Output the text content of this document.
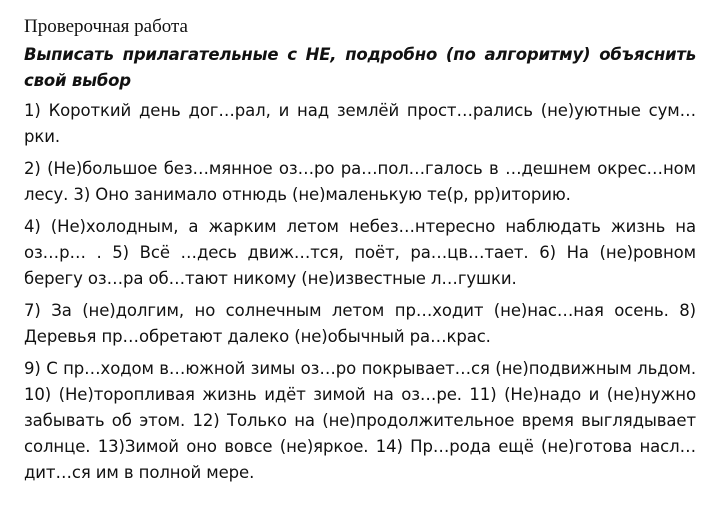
Проверочная работа
Выписать прилагательные с НЕ, подробно (по алгоритму) объяснить свой выбор
1) Короткий день дог…рал, и над землёй прост…рались (не)уютные сум…рки.
2) (Не)большое без…мянное оз…ро ра…пол…галось в …дешнем окрес…ном лесу. 3) Оно занимало отнюдь (не)маленькую те(р, рр)иторию.
4) (Не)холодным, а жарким летом небез…нтересно наблюдать жизнь на оз…р… . 5) Всё …десь движ…тся, поёт, ра…цв…тает. 6) На (не)ровном берегу оз…ра об…тают никому (не)известные л…гушки.
7) За (не)долгим, но солнечным летом пр…ходит (не)нас…ная осень. 8) Деревья пр…обретают далеко (не)обычный ра…крас.
9) С пр…ходом в…южной зимы оз…ро покрывает…ся (не)подвижным льдом. 10) (Не)торопливая жизнь идёт зимой на оз…ре. 11) (Не)надо и (не)нужно забывать об этом. 12) Только на (не)продолжительное время выглядывает солнце. 13)Зимой оно вовсе (не)яркое. 14) Пр…рода ещё (не)готова насл…дит…ся им в полной мере.
